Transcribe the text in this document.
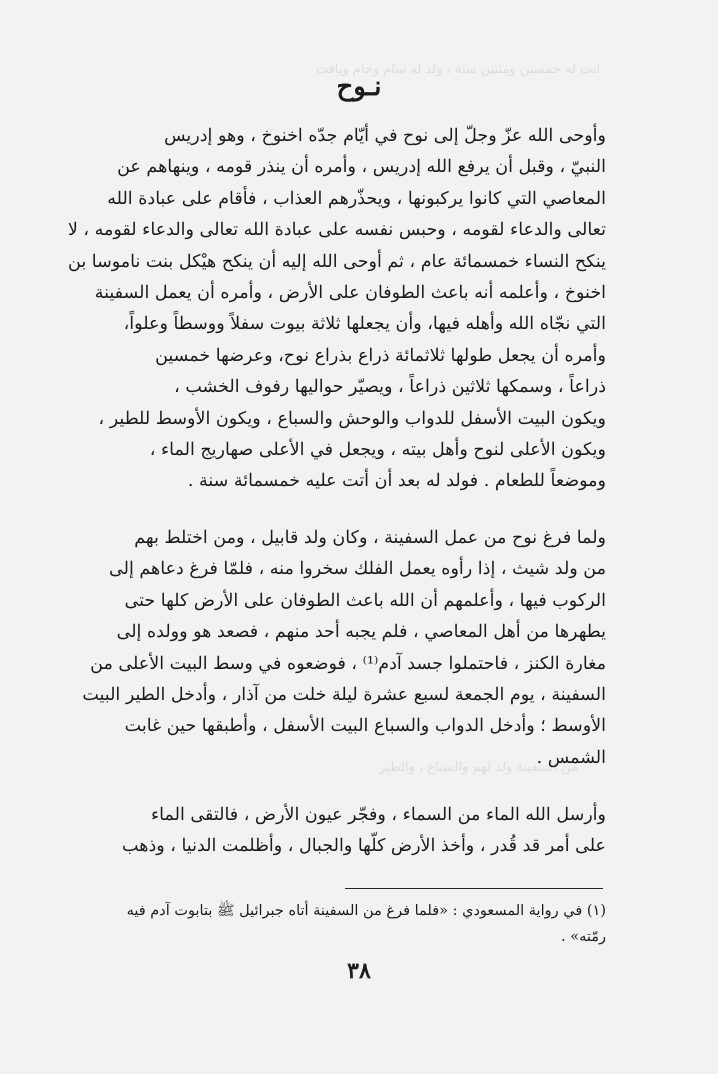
ﺍﻧﺖ ﻟﻪ ﺧﻤﺴﻴﻦ ﻭﻣﺌﺘﻴﻦ ﺳﻨﺔ ، ﻭﻟﺪ ﻟﻪ ﺳﺎﻡ ﻭﺣﺎﻡ ﻭﻳﺎﻓﺚ
ﻣﻦ ﺍﻟﺴﻔﻴﻨﺔ ﻭﻟﺪ ﻟﻬﻢ ﻭﺍﻟﺴﺒﺎﻉ ، ﻭﺍﻟﻄﻴﺮ
نـوح
وأوحى الله عزّ وجلّ إلى نوح في أيّام جدّه اخنوخ ، وهو إدريس
النبيّ ، وقبل أن يرفع الله إدريس ، وأمره أن ينذر قومه ، وينهاهم عن
المعاصي التي كانوا يركبونها ، ويحذّرهم العذاب ، فأقام على عبادة الله
تعالى والدعاء لقومه ، وحبس نفسه على عبادة الله تعالى والدعاء لقومه ، لا
ينكح النساء خمسمائة عام ، ثم أوحى الله إليه أن ينكح هيْكل بنت ناموسا بن
اخنوخ ، وأعلمه أنه باعث الطوفان على الأرض ، وأمره أن يعمل السفينة
التي نجّاه الله وأهله فيها، وأن يجعلها ثلاثة بيوت سفلاً ووسطاً وعلواً،
وأمره أن يجعل طولها ثلاثمائة ذراع بذراع نوح، وعرضها خمسين
ذراعاً ، وسمكها ثلاثين ذراعاً ، ويصيّر حواليها رفوف الخشب ،
ويكون البيت الأسفل للدواب والوحش والسباع ، ويكون الأوسط للطير ،
ويكون الأعلى لنوح وأهل بيته ، ويجعل في الأعلى صهاريج الماء ،
وموضعاً للطعام . فولد له بعد أن أتت عليه خمسمائة سنة .
ولما فرغ نوح من عمل السفينة ، وكان ولد قابيل ، ومن اختلط بهم
من ولد شيث ، إذا رأوه يعمل الفلك سخروا منه ، فلمّا فرغ دعاهم إلى
الركوب فيها ، وأعلمهم أن الله باعث الطوفان على الأرض كلها حتى
يطهرها من أهل المعاصي ، فلم يجبه أحد منهم ، فصعد هو وولده إلى
مغارة الكنز ، فاحتملوا جسد آدم⁽¹⁾ ، فوضعوه في وسط البيت الأعلى من
السفينة ، يوم الجمعة لسبع عشرة ليلة خلت من آذار ، وأدخل الطير البيت
الأوسط ؛ وأدخل الدواب والسباع البيت الأسفل ، وأطبقها حين غابت
الشمس .
وأرسل الله الماء من السماء ، وفجّر عيون الأرض ، فالتقى الماء
على أمر قد قُدر ، وأخذ الأرض كلّها والجبال ، وأظلمت الدنيا ، وذهب
(١) في رواية المسعودي : «فلما فرغ من السفينة أتاه جبرائيل ﷺ بتابوت آدم فيه
رمّته» .
٣٨
